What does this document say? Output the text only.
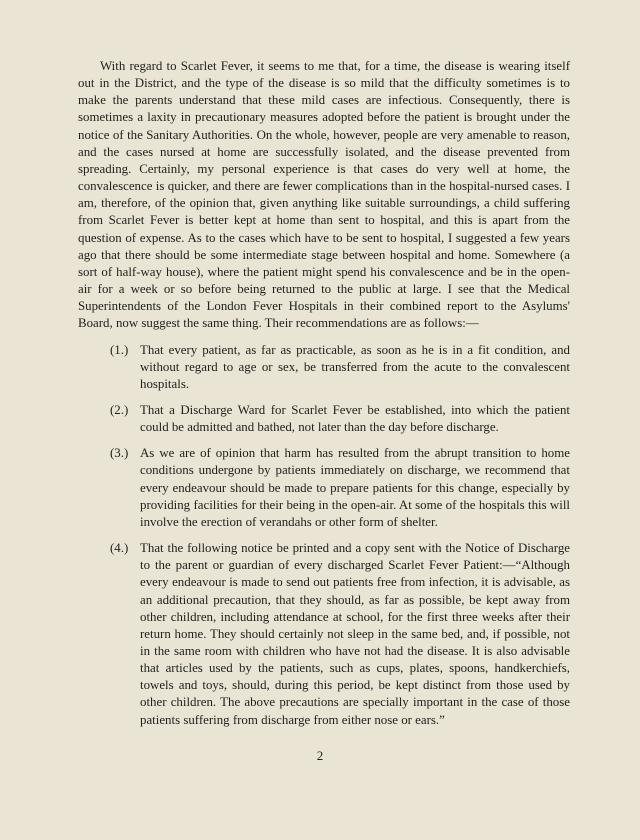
With regard to Scarlet Fever, it seems to me that, for a time, the disease is wearing itself out in the District, and the type of the disease is so mild that the difficulty sometimes is to make the parents understand that these mild cases are infectious. Consequently, there is sometimes a laxity in precautionary measures adopted before the patient is brought under the notice of the Sanitary Authorities. On the whole, however, people are very amenable to reason, and the cases nursed at home are successfully isolated, and the disease prevented from spreading. Certainly, my personal experience is that cases do very well at home, the convalescence is quicker, and there are fewer complications than in the hospital-nursed cases. I am, therefore, of the opinion that, given anything like suitable surroundings, a child suffering from Scarlet Fever is better kept at home than sent to hospital, and this is apart from the question of expense. As to the cases which have to be sent to hospital, I suggested a few years ago that there should be some intermediate stage between hospital and home. Somewhere (a sort of half-way house), where the patient might spend his convalescence and be in the open-air for a week or so before being returned to the public at large. I see that the Medical Superintendents of the London Fever Hospitals in their combined report to the Asylums' Board, now suggest the same thing. Their recommendations are as follows:—

(1.) That every patient, as far as practicable, as soon as he is in a fit condition, and without regard to age or sex, be transferred from the acute to the convalescent hospitals.
(2.) That a Discharge Ward for Scarlet Fever be established, into which the patient could be admitted and bathed, not later than the day before discharge.
(3.) As we are of opinion that harm has resulted from the abrupt transition to home conditions undergone by patients immediately on discharge, we recommend that every endeavour should be made to prepare patients for this change, especially by providing facilities for their being in the open-air. At some of the hospitals this will involve the erection of verandahs or other form of shelter.
(4.) That the following notice be printed and a copy sent with the Notice of Discharge to the parent or guardian of every discharged Scarlet Fever Patient:—“Although every endeavour is made to send out patients free from infection, it is advisable, as an additional precaution, that they should, as far as possible, be kept away from other children, including attendance at school, for the first three weeks after their return home. They should certainly not sleep in the same bed, and, if possible, not in the same room with children who have not had the disease. It is also advisable that articles used by the patients, such as cups, plates, spoons, handkerchiefs, towels and toys, should, during this period, be kept distinct from those used by other children. The above precautions are specially important in the case of those patients suffering from discharge from either nose or ears.”
2
